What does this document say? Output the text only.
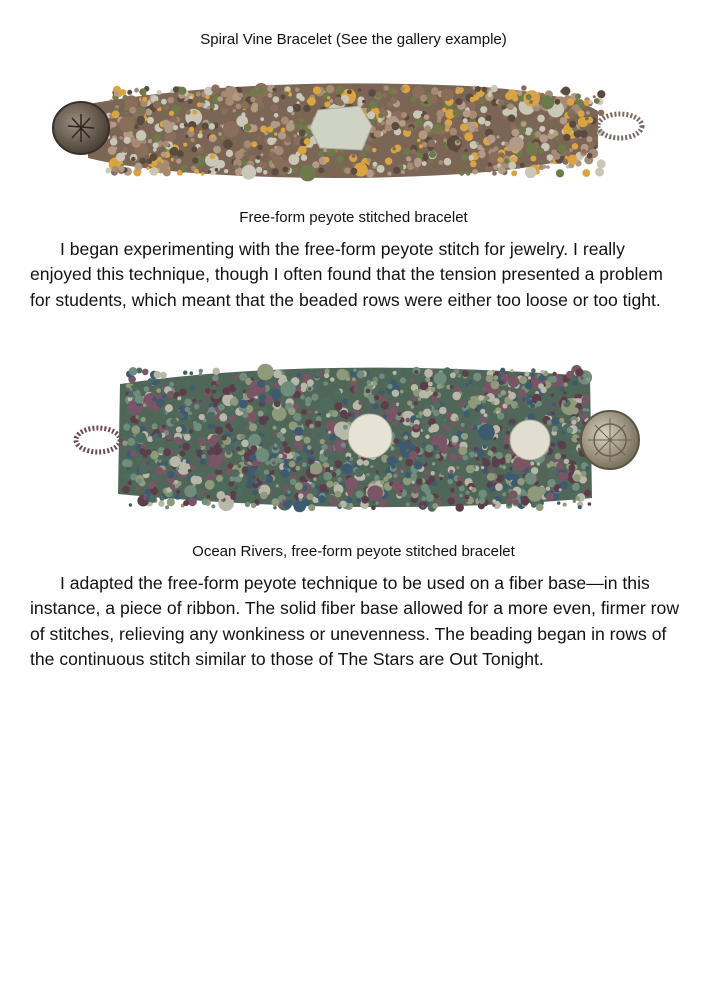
Spiral Vine Bracelet (See the gallery example)
Free-form peyote stitched bracelet

I began experimenting with the free-form peyote stitch for jewelry. I really enjoyed this technique, though I often found that the tension presented a problem for students, which meant that the beaded rows were either too loose or too tight.

Ocean Rivers, free-form peyote stitched bracelet

I adapted the free-form peyote technique to be used on a fiber base—in this instance, a piece of ribbon. The solid fiber base allowed for a more even, firmer row of stitches, relieving any wonkiness or unevenness. The beading began in rows of the continuous stitch similar to those of The Stars are Out Tonight.
